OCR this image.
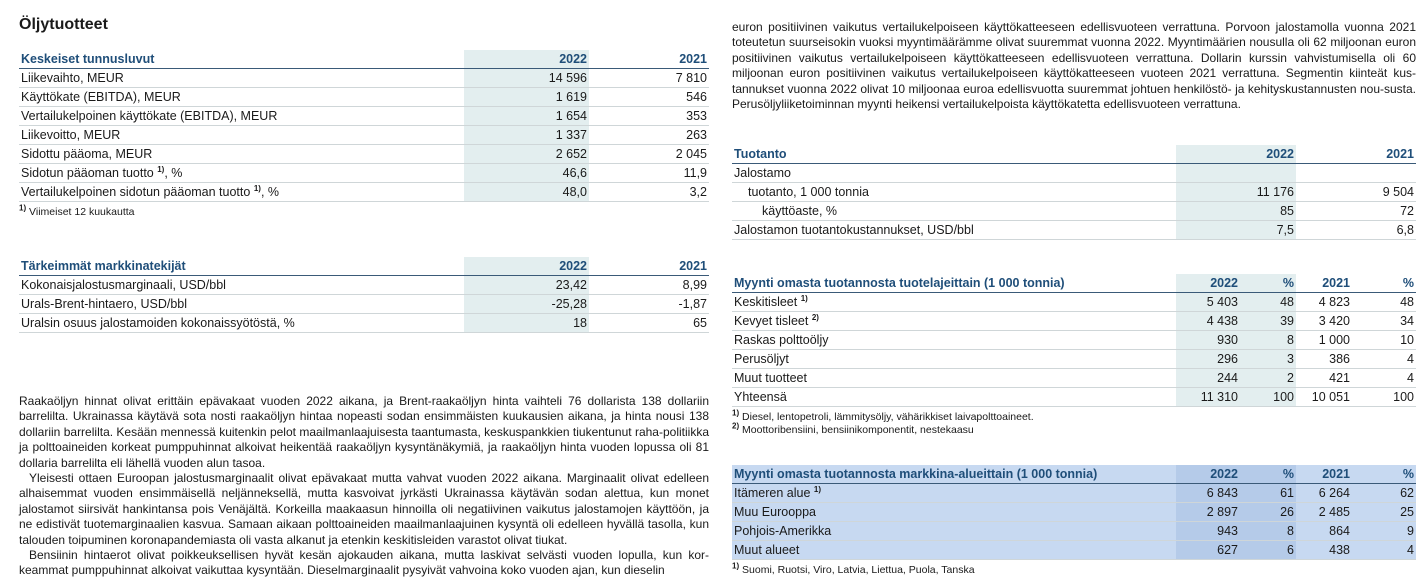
Öljytuotteet
Keskeiset tunnusluvut	2022	2021
Liikevaihto, MEUR	14 596	7 810
Käyttökate (EBITDA), MEUR	1 619	546
Vertailukelpoinen käyttökate (EBITDA), MEUR	1 654	353
Liikevoitto, MEUR	1 337	263
Sidottu pääoma, MEUR	2 652	2 045
Sidotun pääoman tuotto $^{1)}$, %	46,6	11,9
Vertailukelpoinen sidotun pääoman tuotto $^{1)}$, %	48,0	3,2
$^{1)}$ Viimeiset 12 kuukautta
Tärkeimmät markkinatekijät	2022	2021
Kokonaisjalostusmarginaali, USD/bbl	23,42	8,99
Urals-Brent-hintaero, USD/bbl	-25,28	-1,87
Uralsin osuus jalostamoiden kokonaissyötöstä, %	18	65

Raakaöljyn hinnat olivat erittäin epävakaat vuoden 2022 aikana, ja Brent-raakaöljyn hinta vaihteli 76 dollarista 138 dollariin barrelilta. Ukrainassa käytävä sota nosti raakaöljyn hintaa nopeasti sodan ensimmäisten kuukausien aikana, ja hinta nousi 138 dollariin barrelilta. Kesään mennessä kuitenkin pelot maailmanlaajuisesta taantumasta, keskuspankkien tiukentunut raha-politiikka ja polttoaineiden korkeat pumppuhinnat alkoivat heikentää raakaöljyn kysyntänäkymiä, ja raakaöljyn hinta vuoden lopussa oli 81 dollaria barrelilta eli lähellä vuoden alun tasoa.

Yleisesti ottaen Euroopan jalostusmarginaalit olivat epävakaat mutta vahvat vuoden 2022 aikana. Marginaalit olivat edelleen alhaisemmat vuoden ensimmäisellä neljänneksellä, mutta kasvoivat jyrkästi Ukrainassa käytävän sodan alettua, kun monet jalostamot siirsivät hankintansa pois Venäjältä. Korkeilla maakaasun hinnoilla oli negatiivinen vaikutus jalostamojen käyttöön, ja ne edistivät tuotemarginaalien kasvua. Samaan aikaan polttoaineiden maailmanlaajuinen kysyntä oli edelleen hyvällä tasolla, kun talouden toipuminen koronapandemiasta oli vasta alkanut ja etenkin keskitisleiden varastot olivat tiukat.

Bensiinin hintaerot olivat poikkeuksellisen hyvät kesän ajokauden aikana, mutta laskivat selvästi vuoden lopulla, kun kor-keammat pumppuhinnat alkoivat vaikuttaa kysyntään. Dieselmarginaalit pysyivät vahvoina koko vuoden ajan, kun dieselin

euron positiivinen vaikutus vertailukelpoiseen käyttökatteeseen edellisvuoteen verrattuna. Porvoon jalostamolla vuonna 2021 toteutetun suurseisokin vuoksi myyntimäärämme olivat suuremmat vuonna 2022. Myyntimäärien nousulla oli 62 miljoonan euron positiivinen vaikutus vertailukelpoiseen käyttökatteeseen edellisvuoteen verrattuna. Dollarin kurssin vahvistumisella oli 60 miljoonan euron positiivinen vaikutus vertailukelpoiseen käyttökatteeseen vuoteen 2021 verrattuna. Segmentin kiinteät kus-tannukset vuonna 2022 olivat 10 miljoonaa euroa edellisvuotta suuremmat johtuen henkilöstö- ja kehityskustannusten nou-susta. Perusöljyliiketoiminnan myynti heikensi vertailukelpoista käyttökatetta edellisvuoteen verrattuna.
Tuotanto	2022	2021
Jalostamo		
tuotanto, 1 000 tonnia	11 176	9 504
käyttöaste, %	85	72
Jalostamon tuotantokustannukset, USD/bbl	7,5	6,8
Myynti omasta tuotannosta tuotelajeittain (1 000 tonnia)	2022	%	2021	%
Keskitisleet $^{1)}$	5 403	48	4 823	48
Kevyet tisleet $^{2)}$	4 438	39	3 420	34
Raskas polttoöljy	930	8	1 000	10
Perusöljyt	296	3	386	4
Muut tuotteet	244	2	421	4
Yhteensä	11 310	100	10 051	100
$^{1)}$ Diesel, lentopetroli, lämmitysöljy, vähärikkiset laivapolttoaineet.
$^{2)}$ Moottoribensiini, bensiinikomponentit, nestekaasu
Myynti omasta tuotannosta markkina-alueittain (1 000 tonnia)	2022	%	2021	%
Itämeren alue $^{1)}$	6 843	61	6 264	62
Muu Eurooppa	2 897	26	2 485	25
Pohjois-Amerikka	943	8	864	9
Muut alueet	627	6	438	4
$^{1)}$ Suomi, Ruotsi, Viro, Latvia, Liettua, Puola, Tanska
